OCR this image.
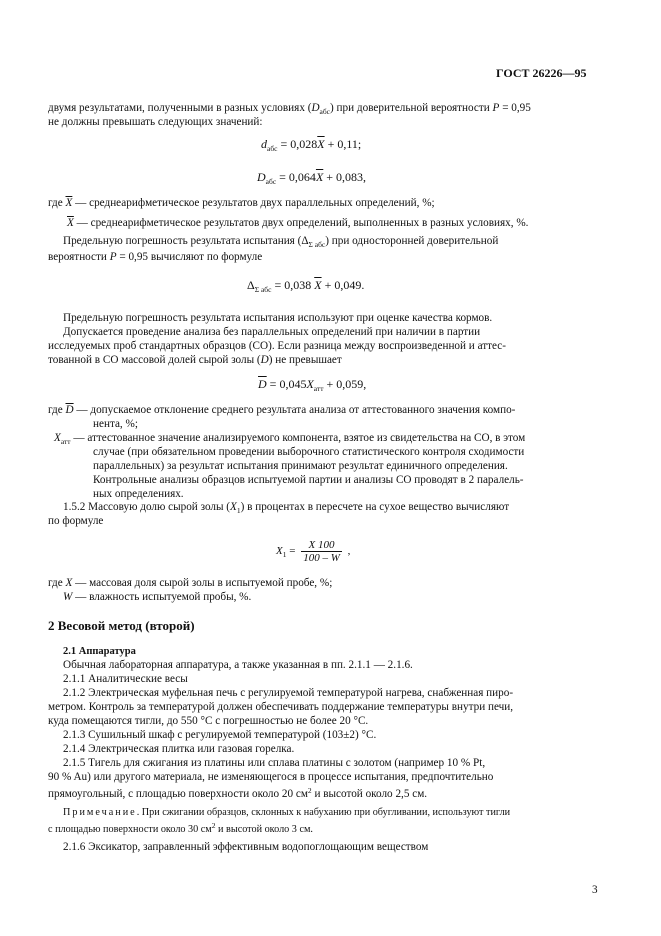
ГОСТ 26226—95
двумя результатами, полученными в разных условиях $(D_{абс})$ при доверительной вероятности P = 0,95
не должны превышать следующих значений:
$d_{абс} = 0,028\overline{X} + 0,11$;
$D_{абс} = 0,064\overline{X} + 0,083$,
где $\overline{X}$ — среднеарифметическое результатов двух параллельных определений, %;
$\overline{X}$ — среднеарифметическое результатов двух определений, выполненных в разных условиях, %.
Предельную погрешность результата испытания $(\Delta_{\Sigma абс})$ при односторонней доверительной
вероятности P = 0,95 вычисляют по формуле
$\Delta_{\Sigma абс} = 0,038$ $\overline{X} + 0,049$.
Предельную погрешность результата испытания используют при оценке качества кормов.
Допускается проведение анализа без параллельных определений при наличии в партии
исследуемых проб стандартных образцов (СО). Если разница между воспроизведенной и аттес-
тованной в СО массовой долей сырой золы (D) не превышает
$\overline{D} = 0,045X_{атт} + 0,059$,
где $\overline{D}$ — допускаемое отклонение среднего результата анализа от аттестованного значения компо-
нента, %;
$X_{атт}$ — аттестованное значение анализируемого компонента, взятое из свидетельства на СО, в этом
случае (при обязательном проведении выборочного статистического контроля сходимости
параллельных) за результат испытания принимают результат единичного определения.
Контрольные анализы образцов испытуемой партии и анализы СО проводят в 2 паралель-
ных определениях.
1.5.2 Массовую долю сырой золы $(X_1)$ в процентах в пересчете на сухое вещество вычисляют
по формуле
$X_1 = \frac{X 100}{100 - W}$ ,
где X — массовая доля сырой золы в испытуемой пробе, %;
W — влажность испытуемой пробы, %.
2 Весовой метод (второй)
2.1 Аппаратура
Обычная лабораторная аппаратура, а также указанная в пп. 2.1.1 — 2.1.6.
2.1.1 Аналитические весы
2.1.2 Электрическая муфельная печь с регулируемой температурой нагрева, снабженная пиро-
метром. Контроль за температурой должен обеспечивать поддержание температуры внутри печи,
куда помещаются тигли, до 550 °С с погрешностью не более 20 °С.
2.1.3 Сушильный шкаф с регулируемой температурой (103±2) °С.
2.1.4 Электрическая плитка или газовая горелка.
2.1.5 Тигель для сжигания из платины или сплава платины с золотом (например 10 % Pt,
90 % Au) или другого материала, не изменяющегося в процессе испытания, предпочтительно
прямоугольный, с площадью поверхности около 20 $см^2$ и высотой около 2,5 см.
Примечание. При сжигании образцов, склонных к набуханию при обугливании, используют тигли
с площадью поверхности около 30 $см^2$ и высотой около 3 см.
2.1.6 Эксикатор, заправленный эффективным водопоглощающим веществом
3
